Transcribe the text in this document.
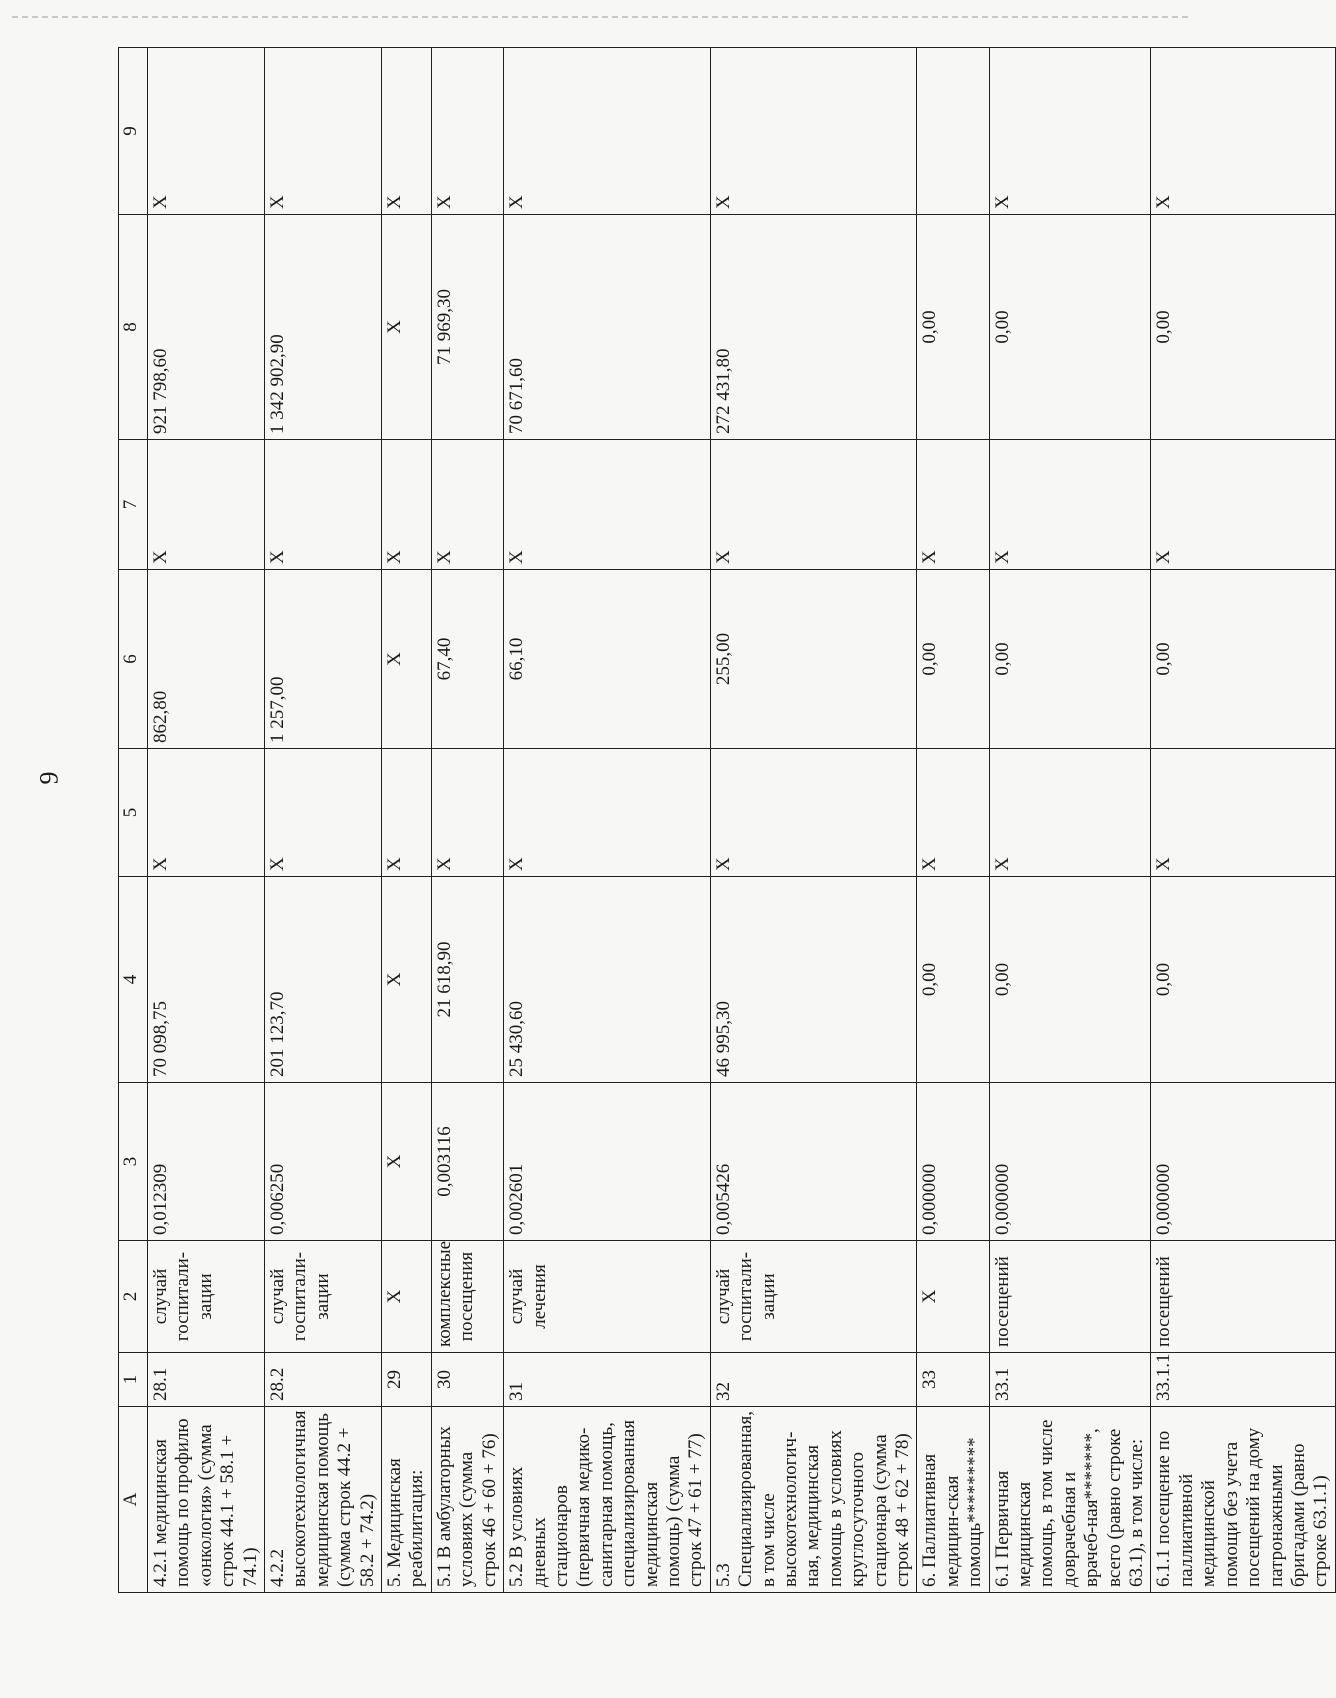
9
A	1	2	3	4	5	6	7	8	9
4.2.1 медицинская помощь по профилю «онкология» (сумма строк 44.1 + 58.1 + 74.1)	28.1	случай госпитали-зации	0,012309	70 098,75	X	862,80	X	921 798,60	X
4.2.2 высокотехнологичная медицинская помощь (сумма строк 44.2 + 58.2 + 74.2)	28.2	случай госпитали-зации	0,006250	201 123,70	X	1 257,00	X	1 342 902,90	X
5. Медицинская реабилитация:	29	X	X	X	X	X	X	X	X
5.1 В амбулаторных условиях (сумма строк 46 + 60 + 76)	30	комплексные посещения	0,003116	21 618,90	X	67,40	X	71 969,30	X
5.2 В условиях дневных стационаров (первичная медико-санитарная помощь, специализированная медицинская помощь) (сумма строк 47 + 61 + 77)	31	случай лечения	0,002601	25 430,60	X	66,10	X	70 671,60	X
5.3 Специализированная, в том числе высокотехнологич-ная, медицинская помощь в условиях круглосуточного стационара (сумма строк 48 + 62 + 78)	32	случай госпитали-зации	0,005426	46 995,30	X	255,00	X	272 431,80	X
6. Паллиативная медицин-ская помощь*********	33	X	0,000000	0,00	X	0,00	X	0,00	
6.1 Первичная медицинская помощь, в том числе доврачебная и врачеб-ная*******, всего (равно строке 63.1), в том числе:	33.1	посещений	0,000000	0,00	X	0,00	X	0,00	X
6.1.1 посещение по паллиативной медицинской помощи без учета посещений на дому патронажными бригадами (равно строке 63.1.1)	33.1.1	посещений	0,000000	0,00	X	0,00	X	0,00	X
